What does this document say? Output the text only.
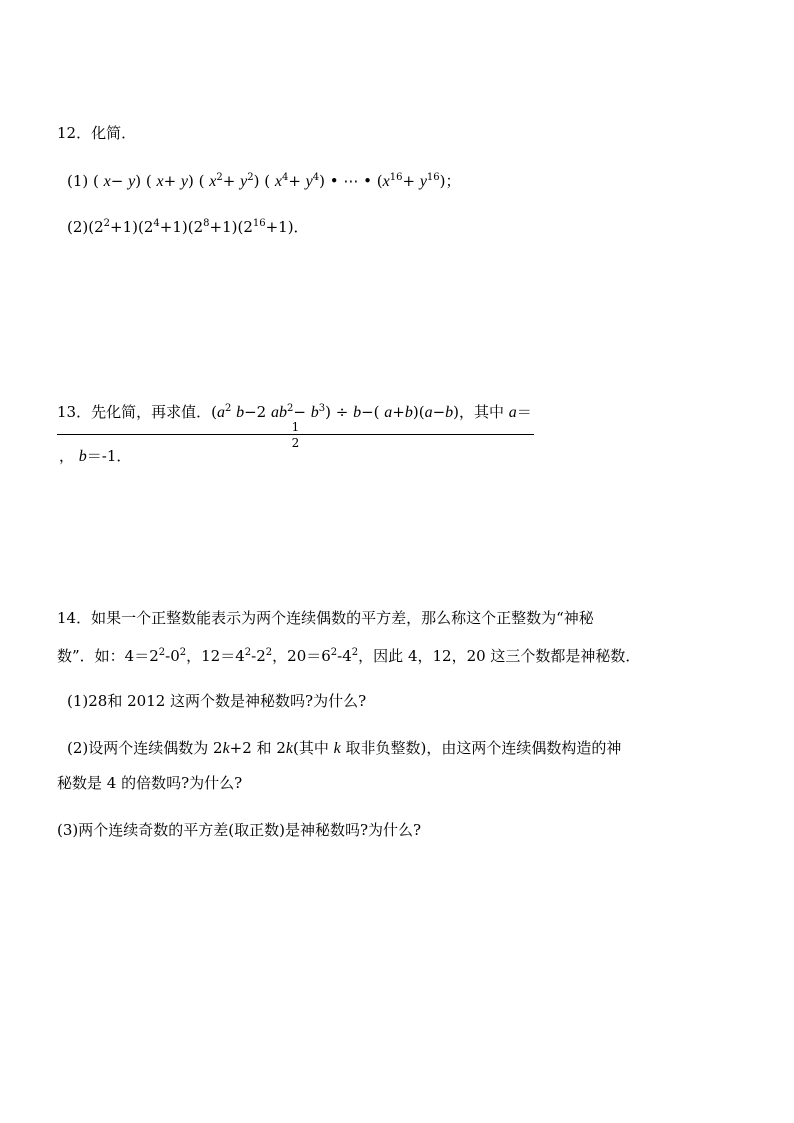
12．化简．
(1) ( x− y) ( x+ y) ( $x^2+ y^2$) ( $x^4+ y^4$) • ⋯ • $(x^{16}+ y^{16})$；
$(2)(2^2+1)(2^4+1)(2^8+1)(2^{16}+1)$．
13．先化简，再求值．($a^2$ b−2 $ab^2- b^3) \div b-$( a+b)(a−b)，其中 a＝
1
2
， b＝-1．
14．如果一个正整数能表示为两个连续偶数的平方差，那么称这个正整数为“神秘
数”．如：$4=2^2-0^2$，$12=4^2-2^2$，$20=6^2-4^2$，因此 4，12，20 这三个数都是神秘数．
(1)28和 2012 这两个数是神秘数吗?为什么?
(2)设两个连续偶数为 2k+2 和 2k(其中 k 取非负整数)，由这两个连续偶数构造的神
秘数是 4 的倍数吗?为什么?
(3)两个连续奇数的平方差(取正数)是神秘数吗?为什么?
